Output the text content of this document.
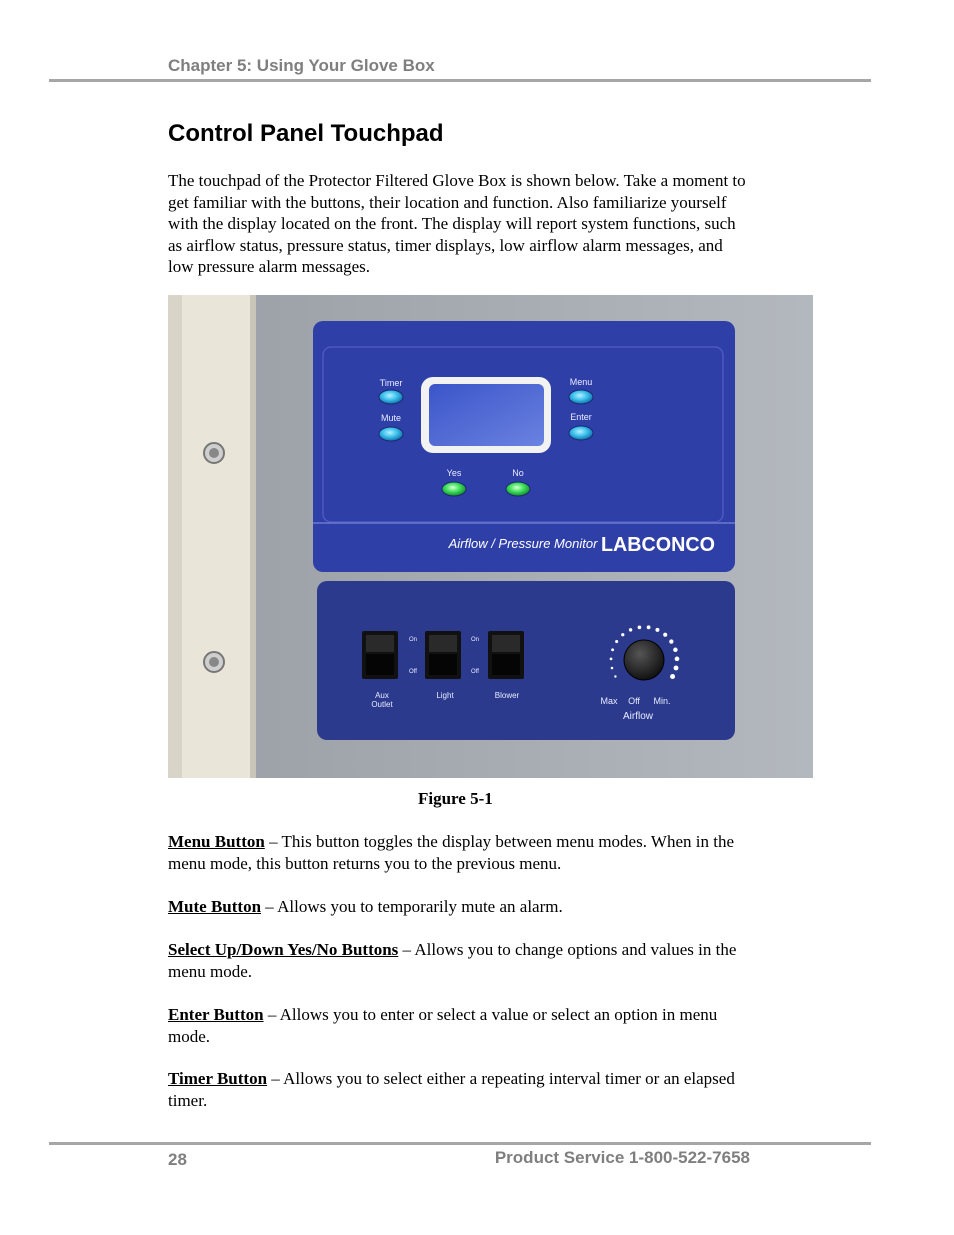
Chapter 5: Using Your Glove Box
Control Panel Touchpad

The touchpad of the Protector Filtered Glove Box is shown below. Take a moment to get familiar with the buttons, their location and function. Also familiarize yourself with the display located on the front. The display will report system functions, such as airflow status, pressure status, timer displays, low airflow alarm messages, and low pressure alarm messages.

Timer
Mute
Menu
Enter
Yes	No
Airflow / Pressure Monitor LABCONCO
On
Off
On
Off
Aux
Outlet
Light	Blower
Max Off Min.
Airflow
Figure 5-1

Menu Button – This button toggles the display between menu modes. When in the menu mode, this button returns you to the previous menu.

Mute Button – Allows you to temporarily mute an alarm.

Select Up/Down Yes/No Buttons – Allows you to change options and values in the menu mode.

Enter Button – Allows you to enter or select a value or select an option in menu mode.

Timer Button – Allows you to select either a repeating interval timer or an elapsed timer.

28	Product Service 1-800-522-7658
